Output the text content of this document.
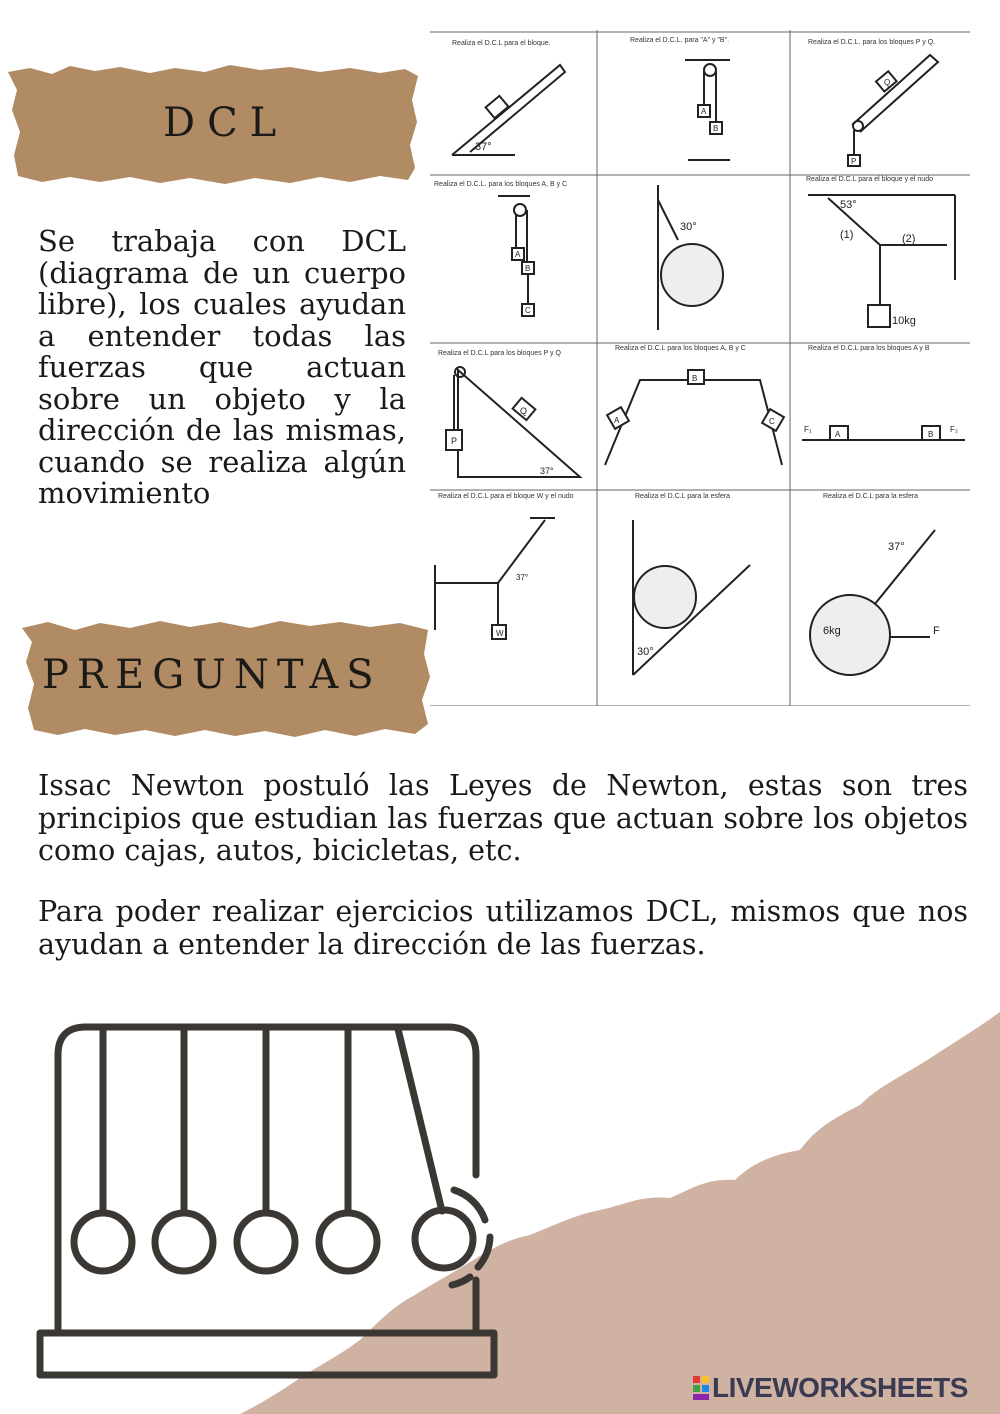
DCL
PREGUNTAS
Se trabaja con DCL (diagrama de un cuerpo libre), los cuales ayudan a entender todas las fuerzas que actuan sobre un objeto y la dirección de las mismas, cuando se realiza algún movimiento
Realiza el D.C.L para el bloque.	Realiza el D.C.L. para "A" y "B".	Realiza el D.C.L. para los bloques P y Q.
Realiza el D.C.L. para los bloques A, B y C
Realiza el D.C.L para el bloque y el nudo
Realiza el D.C.L para los bloques P y Q
Realiza el D.C.L para los bloques A, B y C	Realiza el D.C.L para los bloques A y B
Realiza el D.C.L para el bloque W y el nudo	Realiza el D.C.L para la esfera	Realiza el D.C.L para la esfera
37°
A
B
Q
P
A
B
C
30°
53°
(1)	(2)
10kg
Q
P
37°
A
B
C
F₁
A	B
F₂
37°
W
30°
37°
6kg	F
Issac Newton postuló las Leyes de Newton, estas son tres principios que estudian las fuerzas que actuan sobre los objetos como cajas, autos, bicicletas, etc.
Para poder realizar ejercicios utilizamos DCL, mismos que nos ayudan a entender la dirección de las fuerzas.
LIVEWORKSHEETS
